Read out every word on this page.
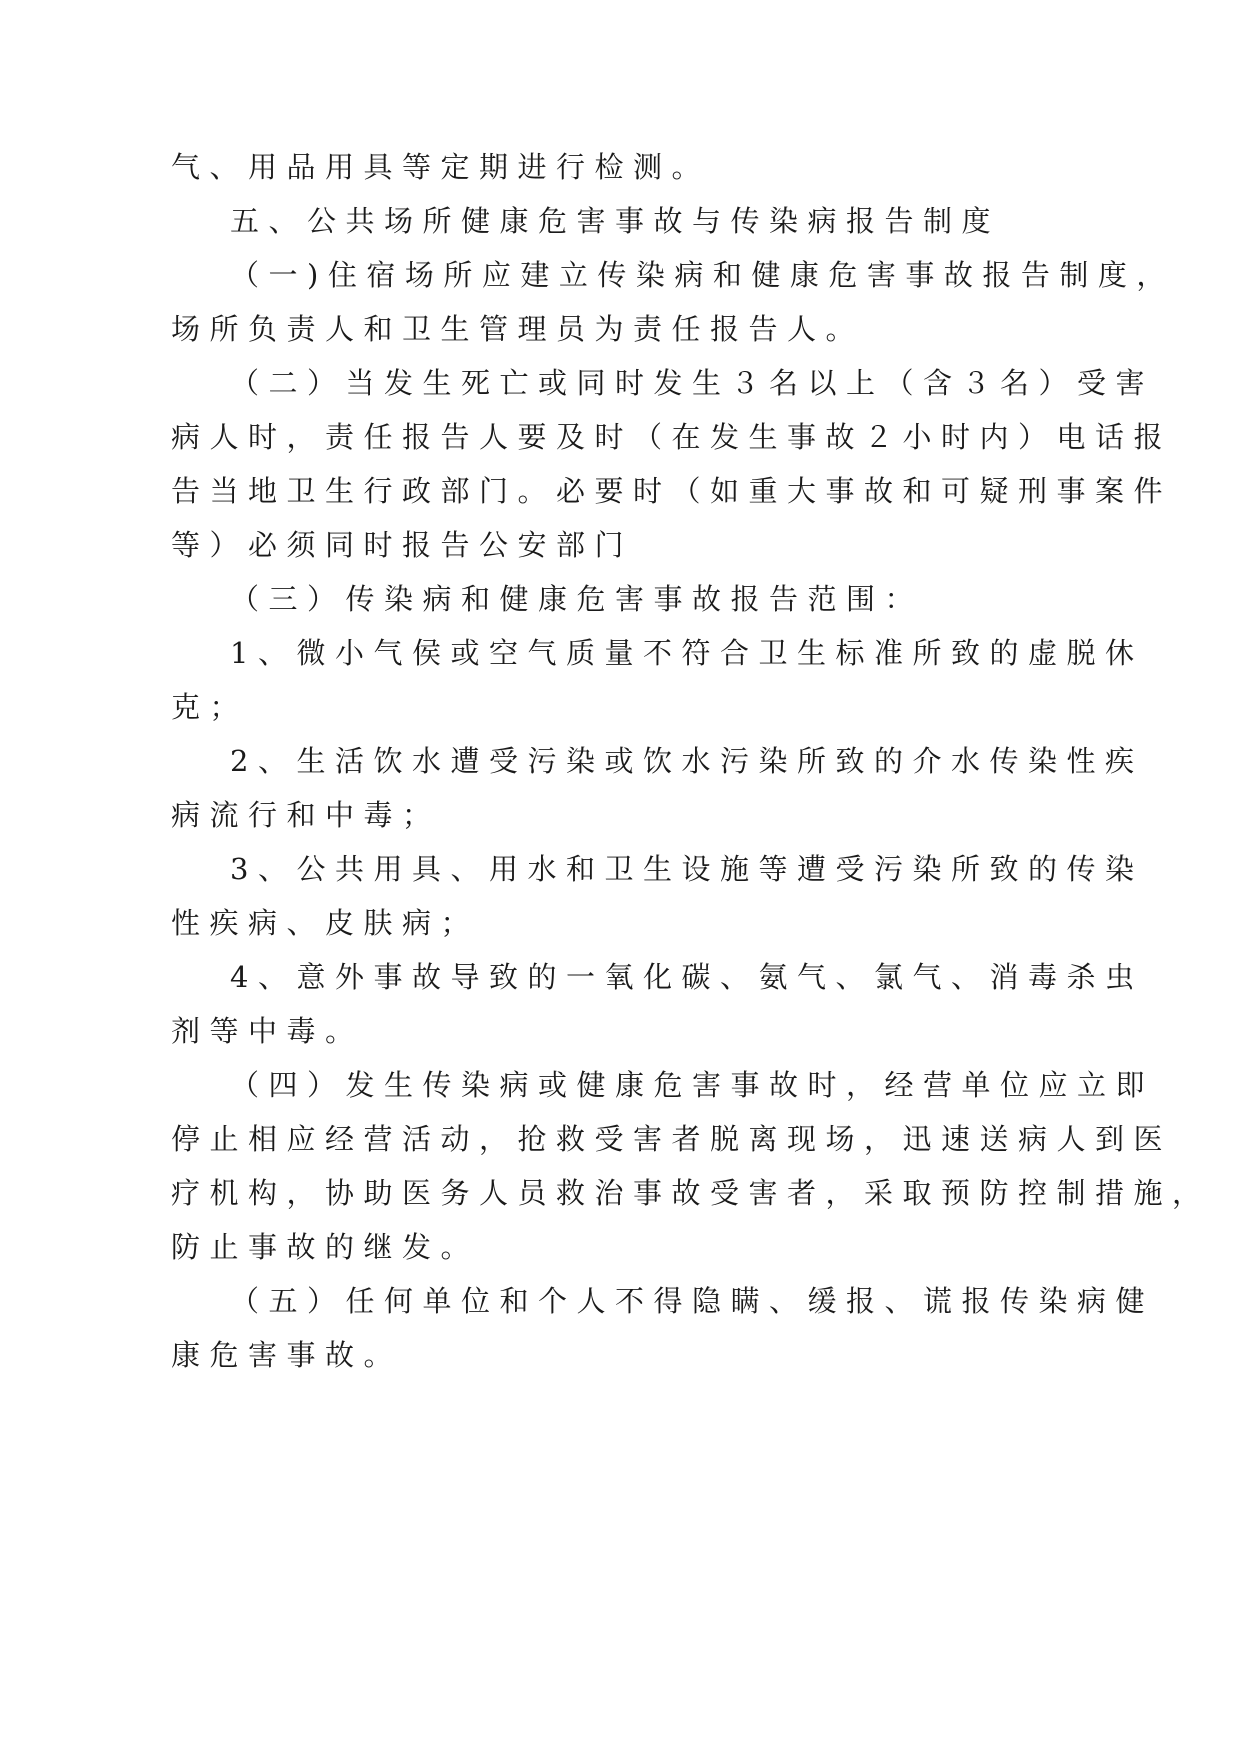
气、用品用具等定期进行检测。

五、公共场所健康危害事故与传染病报告制度

（一)住宿场所应建立传染病和健康危害事故报告制度，

场所负责人和卫生管理员为责任报告人。

（二）当发生死亡或同时发生３名以上（含３名）受害

病人时，责任报告人要及时（在发生事故２小时内）电话报

告当地卫生行政部门。必要时（如重大事故和可疑刑事案件

等）必须同时报告公安部门

（三）传染病和健康危害事故报告范围：

1、微小气侯或空气质量不符合卫生标准所致的虚脱休

克；

2、生活饮水遭受污染或饮水污染所致的介水传染性疾

病流行和中毒；

3、公共用具、用水和卫生设施等遭受污染所致的传染

性疾病、皮肤病；

4、意外事故导致的一氧化碳、氨气、氯气、消毒杀虫

剂等中毒。

（四）发生传染病或健康危害事故时，经营单位应立即

停止相应经营活动，抢救受害者脱离现场，迅速送病人到医

疗机构，协助医务人员救治事故受害者，采取预防控制措施，

防止事故的继发。

（五）任何单位和个人不得隐瞒、缓报、谎报传染病健

康危害事故。
